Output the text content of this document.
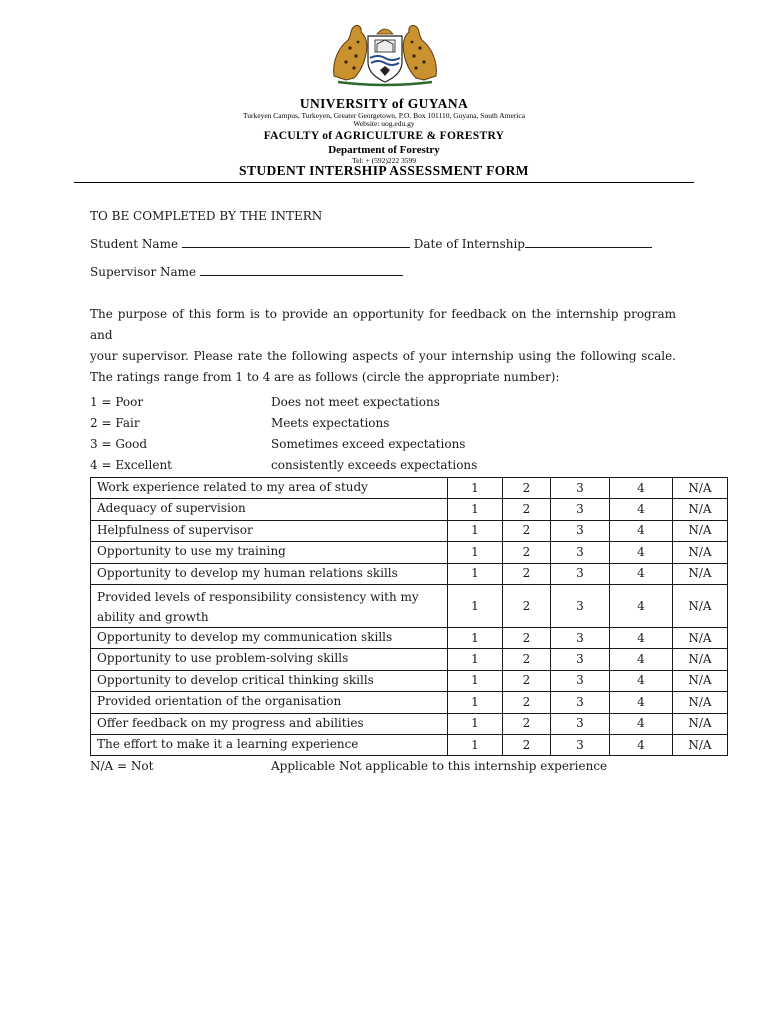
UNIVERSITY of GUYANA
Turkeyen Campus, Turkeyen, Greater Georgetown, P.O. Box 101110, Guyana, South America
Website: uog.edu.gy
FACULTY of AGRICULTURE & FORESTRY
Department of Forestry
Tel: + (592)222 3599
STUDENT INTERSHIP ASSESSMENT FORM
TO BE COMPLETED BY THE INTERN
Student Name	Date of Internship
Supervisor Name
The purpose of this form is to provide an opportunity for feedback on the internship program and
your supervisor. Please rate the following aspects of your internship using the following scale.
The ratings range from 1 to 4 are as follows (circle the appropriate number):
1 = Poor	Does not meet expectations
2 = Fair	Meets expectations
3 = Good	Sometimes exceed expectations
4 = Excellent	consistently exceeds expectations
Work experience related to my area of study	1	2	3	4	N/A

Adequacy of supervision	1	2	3	4	N/A

Helpfulness of supervisor	1	2	3	4	N/A

Opportunity to use my training	1	2	3	4	N/A

Opportunity to develop my human relations skills	1	2	3	4	N/A

Provided levels of responsibility consistency with my
ability and growth	1	2	3	4	N/A

Opportunity to develop my communication skills	1	2	3	4	N/A

Opportunity to use problem-solving skills	1	2	3	4	N/A

Opportunity to develop critical thinking skills	1	2	3	4	N/A

Provided orientation of the organisation	1	2	3	4	N/A

Offer feedback on my progress and abilities	1	2	3	4	N/A

The effort to make it a learning experience	1	2	3	4	N/A
N/A = Not	Applicable Not applicable to this internship experience
